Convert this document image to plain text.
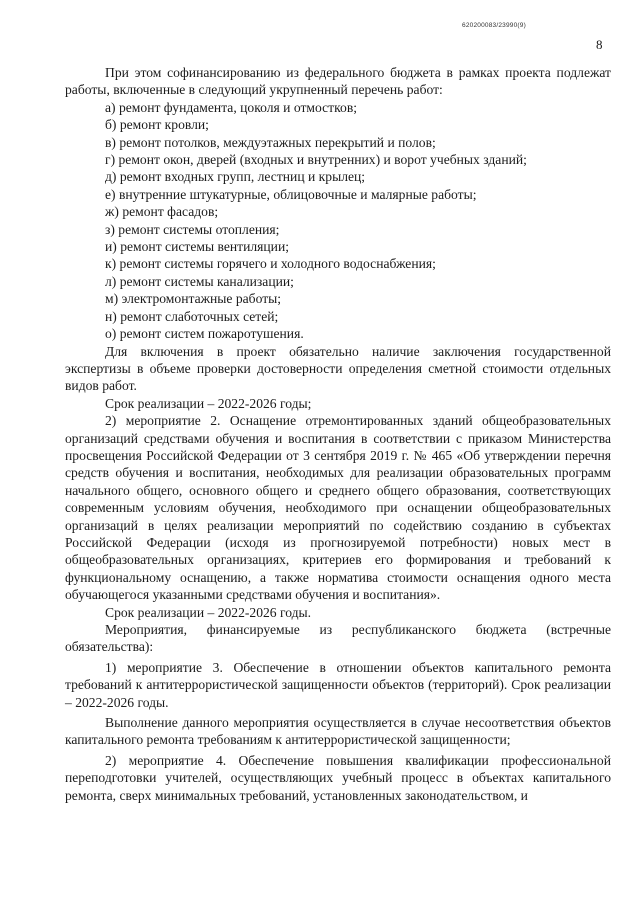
620200083/23990(9)
8

При этом софинансированию из федерального бюджета в рамках проекта подлежат работы, включенные в следующий укрупненный перечень работ:

а) ремонт фундамента, цоколя и отмостков;

б) ремонт кровли;

в) ремонт потолков, междуэтажных перекрытий и полов;

г) ремонт окон, дверей (входных и внутренних) и ворот учебных зданий;

д) ремонт входных групп, лестниц и крылец;

е) внутренние штукатурные, облицовочные и малярные работы;

ж) ремонт фасадов;

з) ремонт системы отопления;

и) ремонт системы вентиляции;

к) ремонт системы горячего и холодного водоснабжения;

л) ремонт системы канализации;

м) электромонтажные работы;

н) ремонт слаботочных сетей;

о) ремонт систем пожаротушения.

Для включения в проект обязательно наличие заключения государственной экспертизы в объеме проверки достоверности определения сметной стоимости отдельных видов работ.

Срок реализации – 2022-2026 годы;

2) мероприятие 2. Оснащение отремонтированных зданий общеобразовательных организаций средствами обучения и воспитания в соответствии с приказом Министерства просвещения Российской Федерации от 3 сентября 2019 г. № 465 «Об утверждении перечня средств обучения и воспитания, необходимых для реализации образовательных программ начального общего, основного общего и среднего общего образования, соответствующих современным условиям обучения, необходимого при оснащении общеобразовательных организаций в целях реализации мероприятий по содействию созданию в субъектах Российской Федерации (исходя из прогнозируемой потребности) новых мест в общеобразовательных организациях, критериев его формирования и требований к функциональному оснащению, а также норматива стоимости оснащения одного места обучающегося указанными средствами обучения и воспитания».

Срок реализации – 2022-2026 годы.

Мероприятия, финансируемые из республиканского бюджета (встречные обязательства):

1) мероприятие 3. Обеспечение в отношении объектов капитального ремонта требований к антитеррористической защищенности объектов (территорий). Срок реализации – 2022-2026 годы.

Выполнение данного мероприятия осуществляется в случае несоответствия объектов капитального ремонта требованиям к антитеррористической защищенности;

2) мероприятие 4. Обеспечение повышения квалификации профессиональной переподготовки учителей, осуществляющих учебный процесс в объектах капитального ремонта, сверх минимальных требований, установленных законодательством, и
